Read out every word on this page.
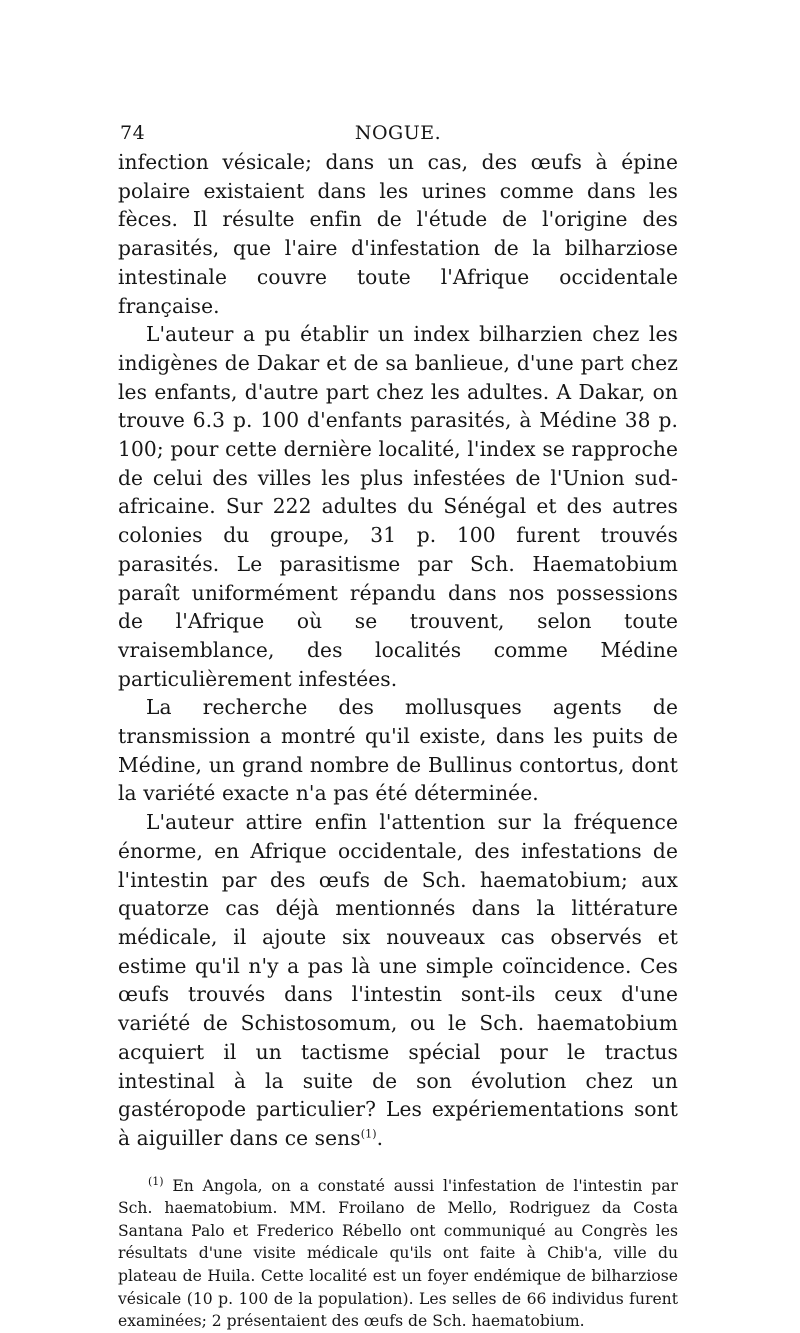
74	NOGUE.

infection vésicale; dans un cas, des œufs à épine polaire existaient dans les urines comme dans les fèces. Il résulte enfin de l'étude de l'origine des parasités, que l'aire d'infestation de la bilharziose intestinale couvre toute l'Afrique occidentale française.

L'auteur a pu établir un index bilharzien chez les indigènes de Dakar et de sa banlieue, d'une part chez les enfants, d'autre part chez les adultes. A Dakar, on trouve 6.3 p. 100 d'enfants parasités, à Médine 38 p. 100; pour cette dernière localité, l'index se rapproche de celui des villes les plus infestées de l'Union sud-africaine. Sur 222 adultes du Sénégal et des autres colonies du groupe, 31 p. 100 furent trouvés parasités. Le parasitisme par Sch. Haematobium paraît uniformément répandu dans nos possessions de l'Afrique où se trouvent, selon toute vraisemblance, des localités comme Médine particulièrement infestées.

La recherche des mollusques agents de transmission a montré qu'il existe, dans les puits de Médine, un grand nombre de Bullinus contortus, dont la variété exacte n'a pas été déterminée.

L'auteur attire enfin l'attention sur la fréquence énorme, en Afrique occidentale, des infestations de l'intestin par des œufs de Sch. haematobium; aux quatorze cas déjà mentionnés dans la littérature médicale, il ajoute six nouveaux cas observés et estime qu'il n'y a pas là une simple coïncidence. Ces œufs trouvés dans l'intestin sont-ils ceux d'une variété de Schistosomum, ou le Sch. haematobium acquiert il un tactisme spécial pour le tractus intestinal à la suite de son évolution chez un gastéropode particulier? Les expériementations sont à aiguiller dans ce sens$^{(1)}$.

$^{(1)}$ En Angola, on a constaté aussi l'infestation de l'intestin par Sch. haematobium. MM. Froilano de Mello, Rodriguez da Costa Santana Palo et Frederico Rébello ont communiqué au Congrès les résultats d'une visite médicale qu'ils ont faite à Chib'a, ville du plateau de Huila. Cette localité est un foyer endémique de bilharziose vésicale (10 p. 100 de la population). Les selles de 66 individus furent examinées; 2 présentaient des œufs de Sch. haematobium.
